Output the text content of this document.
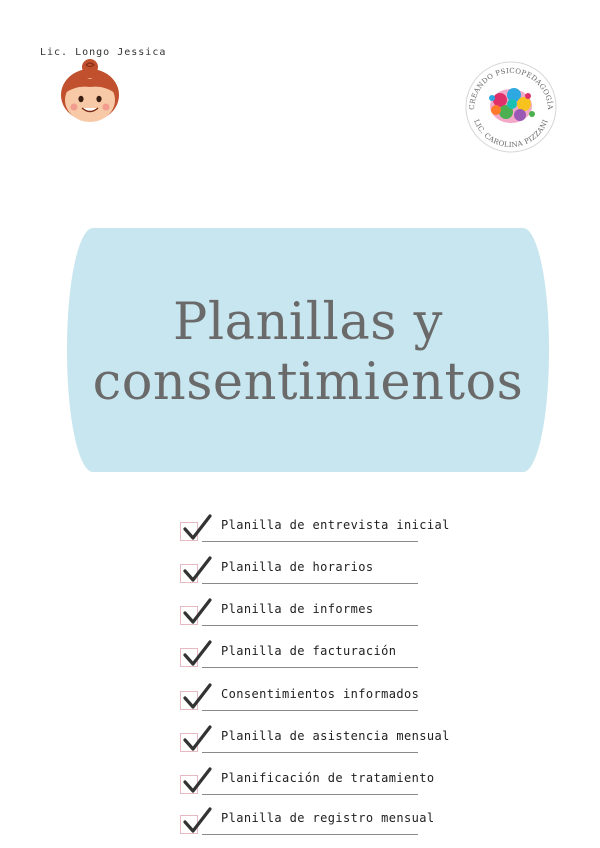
Lic. Longo Jessica
CREANDO PSICOPEDAGOGÍA
LIC. CAROLINA PIZZANI
Planillas y
consentimientos
Planilla de entrevista inicial
Planilla de horarios
Planilla de informes
Planilla de facturación
Consentimientos informados
Planilla de asistencia mensual
Planificación de tratamiento
Planilla de registro mensual
